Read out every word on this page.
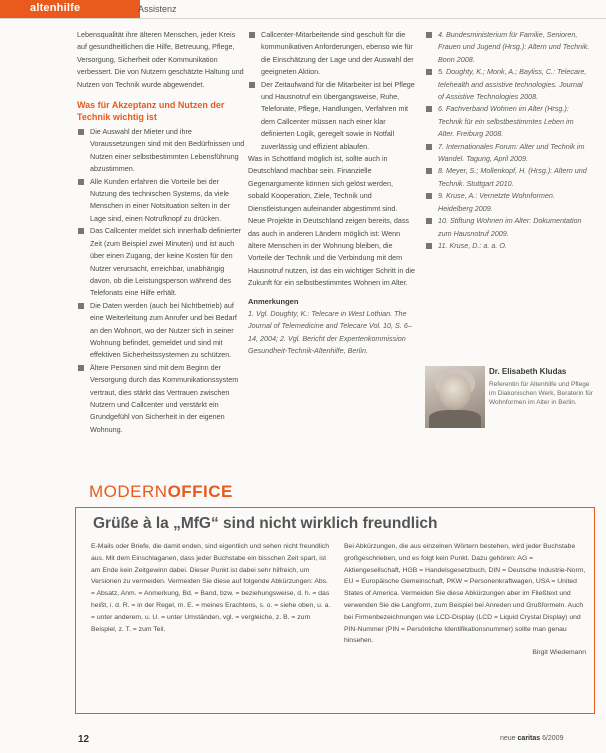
altenhilfe	Assistenz

Lebensqualität ihre älteren Menschen, jeder Kreis auf gesundheitlichen die Hilfe, Betreuung, Pflege, Versorgung, Sicherheit oder Kommunikation verbessert. Die von Nutzern geschätzte Haltung und Nutzen von Technik wurde abgewendet.

Was für Akzeptanz und Nutzen der Technik wichtig ist
Die Auswahl der Mieter und ihre Voraussetzungen sind mit den Bedürfnissen und Nutzen einer selbstbestimmten Lebensführung abzustimmen.
Alle Kunden erfahren die Vorteile bei der Nutzung des technischen Systems, da viele Menschen in einer Notsituation selten in der Lage sind, einen Notrufknopf zu drücken.
Das Callcenter meldet sich innerhalb definierter Zeit (zum Beispiel zwei Minuten) und ist auch über einen Zugang, der keine Kosten für den Nutzer verursacht, erreichbar, unabhängig davon, ob die Leistungsperson während des Telefonats eine Hilfe erhält.
Die Daten werden (auch bei Nichtbetrieb) auf eine Weiterleitung zum Anrufer und bei Bedarf an den Wohnort, wo der Nutzer sich in seiner Wohnung befindet, gemeldet und sind mit effektiven Sicherheitssystemen zu schützen.
Ältere Personen sind mit dem Beginn der Versorgung durch das Kommunikationssystem vertraut, dies stärkt das Vertrauen zwischen Nutzern und Callcenter und verstärkt ein Grundgefühl von Sicherheit in der eigenen Wohnung.
Callcenter-Mitarbeitende sind geschult für die kommunikativen Anforderungen, ebenso wie für die Einschätzung der Lage und der Auswahl der geeigneten Aktion.
Der Zeitaufwand für die Mitarbeiter ist bei Pflege und Hausnotruf ein übergangsweise, Ruhe, Telefonate, Pflege, Handlungen, Verfahren mit dem Callcenter müssen nach einer klar definierten Logik, geregelt sowie in Notfall zuverlässig und effizient ablaufen.

Was in Schottland möglich ist, sollte auch in Deutschland machbar sein. Finanzielle Gegenargumente können sich gelöst werden, sobald Kooperation, Ziele, Technik und Dienstleistungen aufeinander abgestimmt sind. Neue Projekte in Deutschland zeigen bereits, dass das auch in anderen Ländern möglich ist: Wenn ältere Menschen in der Wohnung bleiben, die Vorteile der Technik und die Verbindung mit dem Hausnotruf nutzen, ist das ein wichtiger Schritt in die Zukunft für ein selbstbestimmtes Wohnen im Alter.

Anmerkungen

1. Vgl. Doughty, K.: Telecare in West Lothian. The Journal of Telemedicine and Telecare Vol. 10, S. 6–14, 2004; 2. Vgl. Bericht der Expertenkommission Gesundheit-Technik-Altenhilfe, Berlin.

4. Bundesministerium für Familie, Senioren, Frauen und Jugend (Hrsg.): Altern und Technik. Bonn 2008.
5. Doughty, K.; Monk, A.; Bayliss, C.: Telecare, telehealth and assistive technologies. Journal of Assistive Technologies 2008.
6. Fachverband Wohnen im Alter (Hrsg.): Technik für ein selbstbestimmtes Leben im Alter. Freiburg 2008.
7. Internationales Forum: Alter und Technik im Wandel. Tagung, April 2009.
8. Meyer, S.; Mollenkopf, H. (Hrsg.): Altern und Technik. Stuttgart 2010.
9. Kruse, A.: Vernetzte Wohnformen. Heidelberg 2009.
10. Stiftung Wohnen im Alter: Dokumentation zum Hausnotruf 2009.
11. Kruse, D.: a. a. O.
Dr. Elisabeth Kludas
Referentin für Altenhilfe und Pflege im Diakonischen Werk, Beraterin für Wohnformen im Alter in Berlin.
MODERNOFFICE
Grüße à la „MfG“ sind nicht wirklich freundlich
E-Mails oder Briefe, die damit enden, sind eigentlich und sehen nicht freundlich aus. Mit dem Einschlaganen, dass jeder Buchstabe ein bisschen Zeit spart, ist am Ende kein Zeitgewinn dabei. Dieser Punkt ist dabei sehr hilfreich, um Versionen zu vermeiden. Vermeiden Sie diese auf folgende Abkürzungen: Abs. = Absatz, Anm. = Anmerkung, Bd. = Band, bzw. = beziehungsweise, d. h. = das heißt, i. d. R. = in der Regel, m. E. = meines Erachtens, s. o. = siehe oben, u. a. = unter anderem, u. U. = unter Umständen, vgl. = vergleiche, z. B. = zum Beispiel, z. T. = zum Teil.
Bei Abkürzungen, die aus einzelnen Wörtern bestehen, wird jeder Buchstabe großgeschrieben, und es folgt kein Punkt. Dazu gehören: AG = Aktiengesellschaft, HGB = Handelsgesetzbuch, DIN = Deutsche Industrie-Norm, EU = Europäische Gemeinschaft, PKW = Personenkraftwagen, USA = United States of America. Vermeiden Sie diese Abkürzungen aber im Fließtext und verwenden Sie die Langform, zum Beispiel bei Anreden und Grußformeln. Auch bei Firmenbezeichnungen wie LCD-Display (LCD = Liquid Crystal Display) und PIN-Nummer (PIN = Persönliche Identifikationsnummer) sollte man genau hinsehen.
Birgit Wiedemann
12	neue caritas 6/2009
